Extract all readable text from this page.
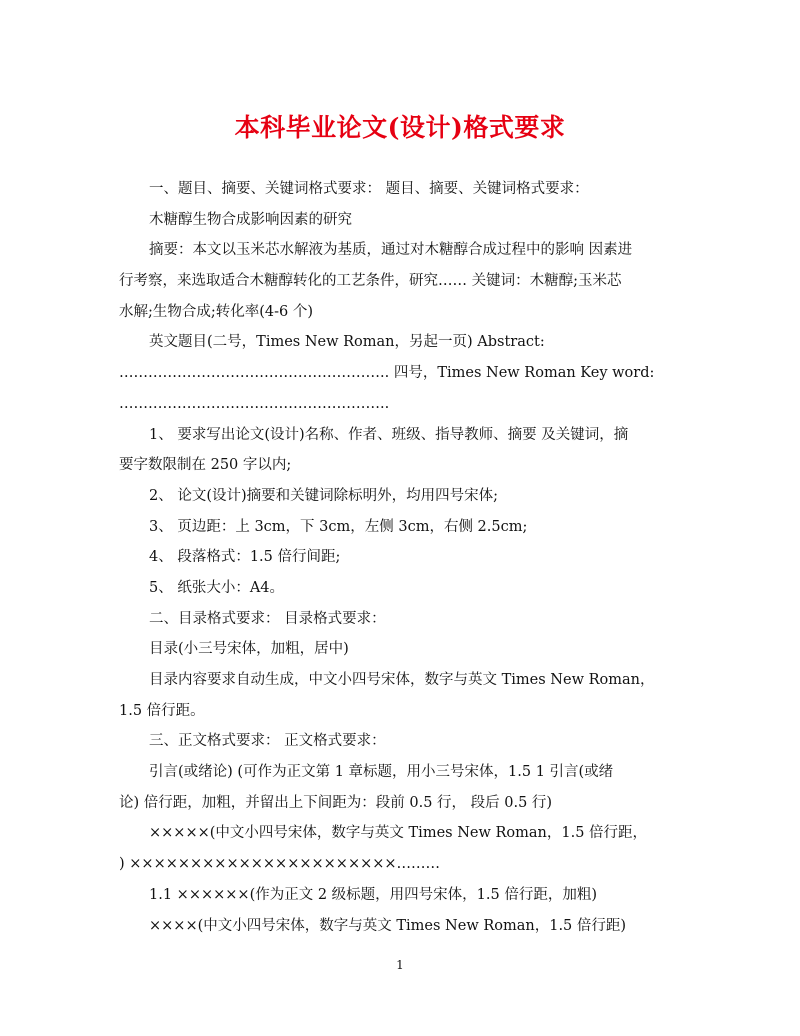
本科毕业论文(设计)格式要求
一、题目、摘要、关键词格式要求： 题目、摘要、关键词格式要求：
木糖醇生物合成影响因素的研究
摘要：本文以玉米芯水解液为基质，通过对木糖醇合成过程中的影响 因素进
行考察，来选取适合木糖醇转化的工艺条件，研究…… 关键词：木糖醇;玉米芯
水解;生物合成;转化率(4-6 个)
英文题目(二号，Times New Roman，另起一页) Abstract:
……………………………………………….. 四号，Times New Roman Key word:
………………………………………………..
1、 要求写出论文(设计)名称、作者、班级、指导教师、摘要 及关键词，摘
要字数限制在 250 字以内;
2、 论文(设计)摘要和关键词除标明外，均用四号宋体;
3、 页边距：上 3cm，下 3cm，左侧 3cm，右侧 2.5cm;
4、 段落格式：1.5 倍行间距;
5、 纸张大小：A4。
二、目录格式要求： 目录格式要求：
目录(小三号宋体，加粗，居中)
目录内容要求自动生成，中文小四号宋体，数字与英文 Times New Roman，
1.5 倍行距。
三、正文格式要求： 正文格式要求：
引言(或绪论) (可作为正文第 1 章标题，用小三号宋体，1.5 1 引言(或绪
论) 倍行距，加粗，并留出上下间距为：段前 0.5 行， 段后 0.5 行)
×××××(中文小四号宋体，数字与英文 Times New Roman，1.5 倍行距，
) ××××××××××××××××××××××………
1.1 ××××××(作为正文 2 级标题，用四号宋体，1.5 倍行距，加粗)
××××(中文小四号宋体，数字与英文 Times New Roman，1.5 倍行距)
1
